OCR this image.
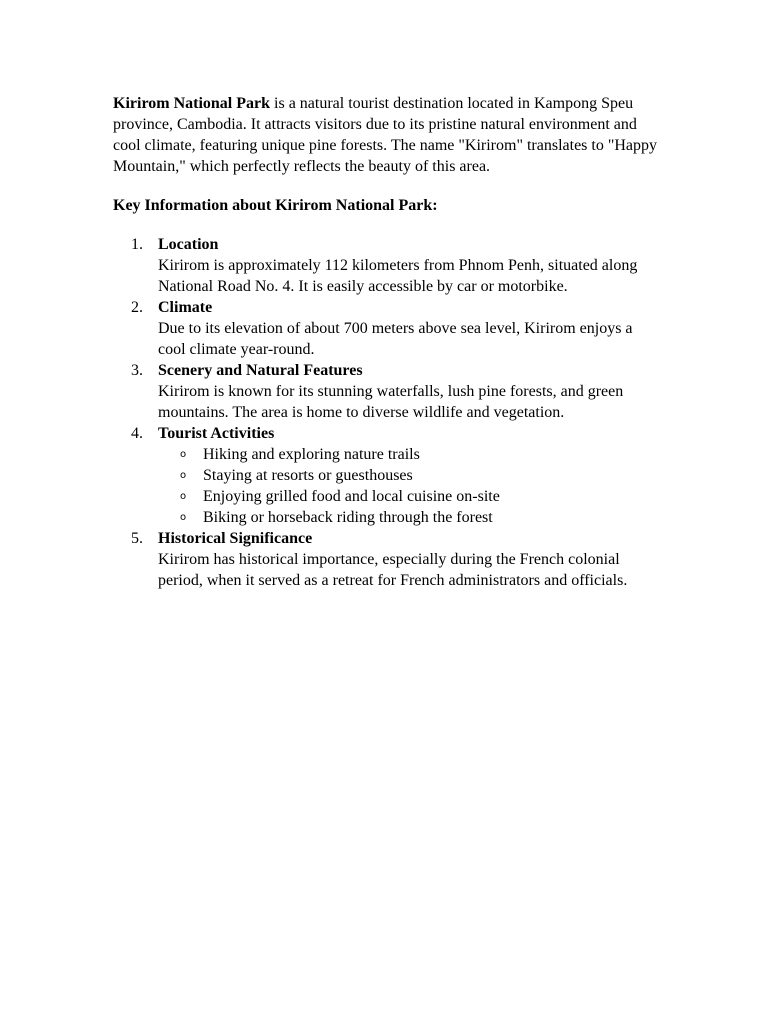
Kirirom National Park is a natural tourist destination located in Kampong Speu province, Cambodia. It attracts visitors due to its pristine natural environment and cool climate, featuring unique pine forests. The name "Kirirom" translates to "Happy Mountain," which perfectly reflects the beauty of this area.

Key Information about Kirirom National Park:

1. Location
Kirirom is approximately 112 kilometers from Phnom Penh, situated along National Road No. 4. It is easily accessible by car or motorbike.
2. Climate
Due to its elevation of about 700 meters above sea level, Kirirom enjoys a cool climate year-round.
3. Scenery and Natural Features
Kirirom is known for its stunning waterfalls, lush pine forests, and green mountains. The area is home to diverse wildlife and vegetation.
4. Tourist Activities
o Hiking and exploring nature trails
o Staying at resorts or guesthouses
o Enjoying grilled food and local cuisine on-site
o Biking or horseback riding through the forest
5. Historical Significance
Kirirom has historical importance, especially during the French colonial period, when it served as a retreat for French administrators and officials.
